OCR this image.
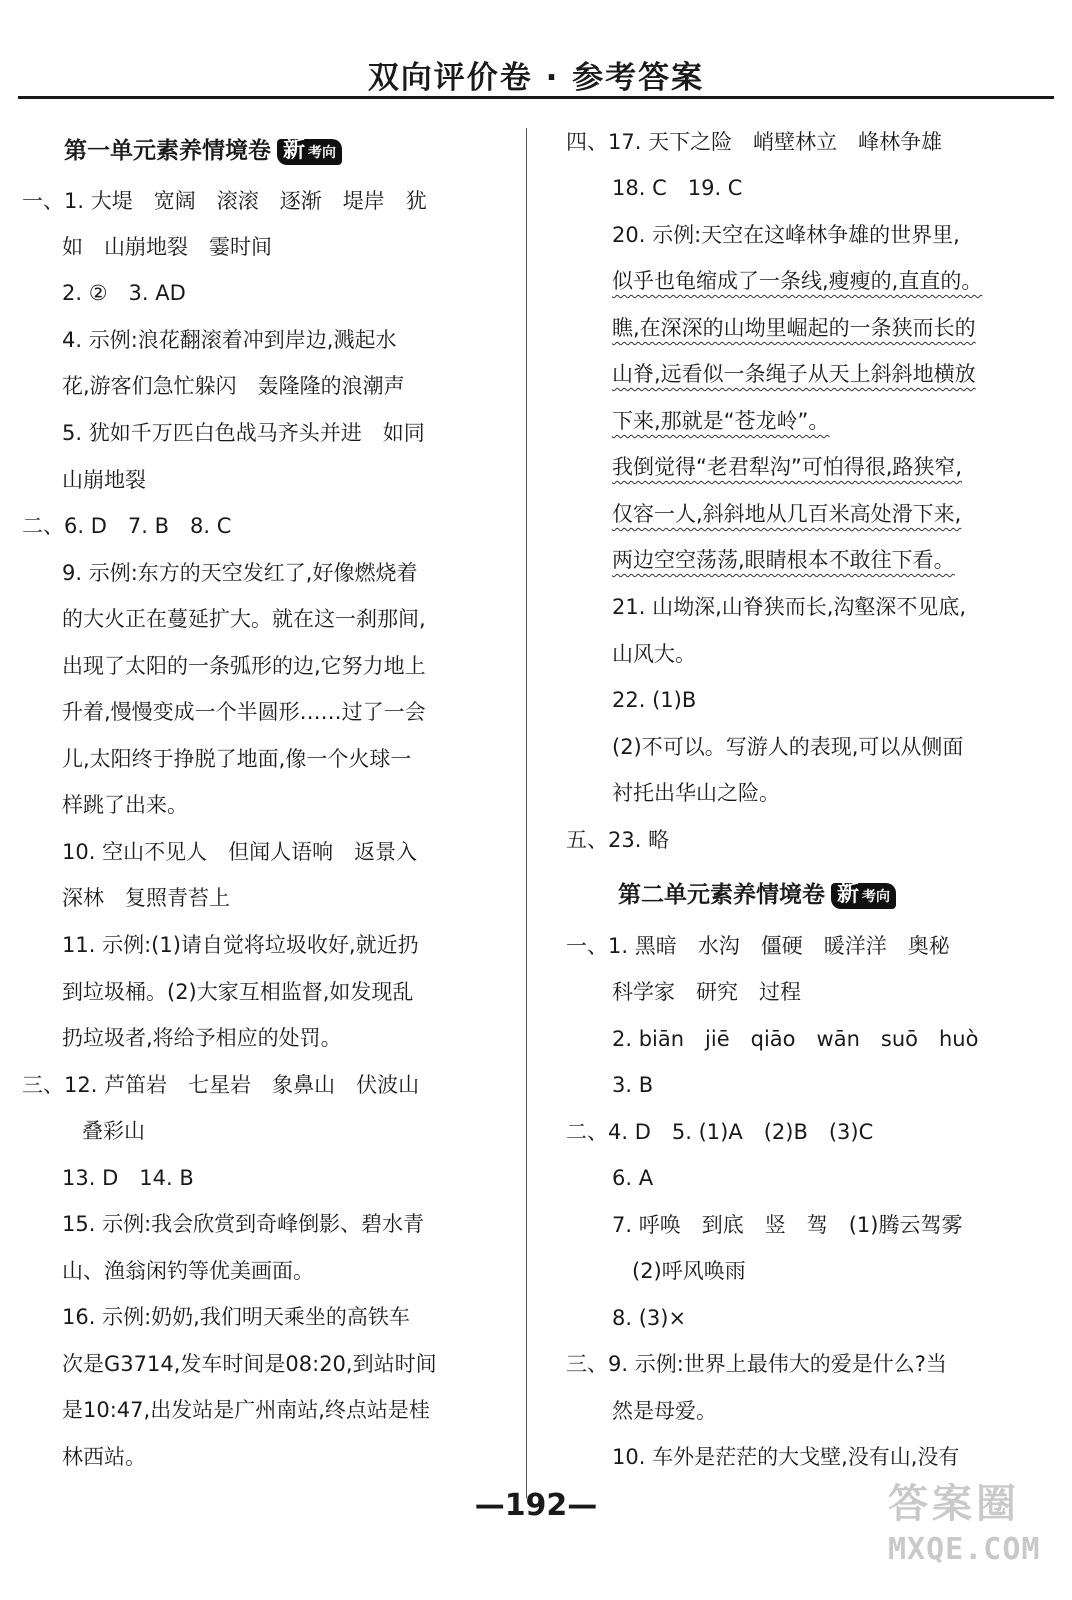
双向评价卷 · 参考答案
第一单元素养情境卷 新 考向
一、1. 大堤　宽阔　滚滚　逐渐　堤岸　犹
如　山崩地裂　霎时间
2. ②　3. AD
4. 示例:浪花翻滚着冲到岸边,溅起水
花,游客们急忙躲闪　轰隆隆的浪潮声
5. 犹如千万匹白色战马齐头并进　如同
山崩地裂
二、6. D　7. B　8. C
9. 示例:东方的天空发红了,好像燃烧着
的大火正在蔓延扩大。就在这一刹那间,
出现了太阳的一条弧形的边,它努力地上
升着,慢慢变成一个半圆形……过了一会
儿,太阳终于挣脱了地面,像一个火球一
样跳了出来。
10. 空山不见人　但闻人语响　返景入
深林　复照青苔上
11. 示例:(1)请自觉将垃圾收好,就近扔
到垃圾桶。(2)大家互相监督,如发现乱
扔垃圾者,将给予相应的处罚。
三、12. 芦笛岩　七星岩　象鼻山　伏波山
叠彩山
13. D　14. B
15. 示例:我会欣赏到奇峰倒影、碧水青
山、渔翁闲钓等优美画面。
16. 示例:奶奶,我们明天乘坐的高铁车
次是G3714,发车时间是08:20,到站时间
是10:47,出发站是广州南站,终点站是桂
林西站。
四、17. 天下之险　峭壁林立　峰林争雄
18. C　19. C
20. 示例:天空在这峰林争雄的世界里,
似乎也龟缩成了一条线,瘦瘦的,直直的。
瞧,在深深的山坳里崛起的一条狭而长的
山脊,远看似一条绳子从天上斜斜地横放
下来,那就是“苍龙岭”。
我倒觉得“老君犁沟”可怕得很,路狭窄,
仅容一人,斜斜地从几百米高处滑下来,
两边空空荡荡,眼睛根本不敢往下看。
21. 山坳深,山脊狭而长,沟壑深不见底,
山风大。
22. (1)B
(2)不可以。写游人的表现,可以从侧面
衬托出华山之险。
五、23. 略
第二单元素养情境卷 新 考向
一、1. 黑暗　水沟　僵硬　暖洋洋　奥秘
科学家　研究　过程
2. biān　jiē　qiāo　wān　suō　huò
3. B
二、4. D　5. (1)A　(2)B　(3)C
6. A
7. 呼唤　到底　竖　驾　(1)腾云驾雾
(2)呼风唤雨
8. (3)×
三、9. 示例:世界上最伟大的爱是什么?当
然是母爱。
10. 车外是茫茫的大戈壁,没有山,没有
—192—	答案圈
MXQE.COM
